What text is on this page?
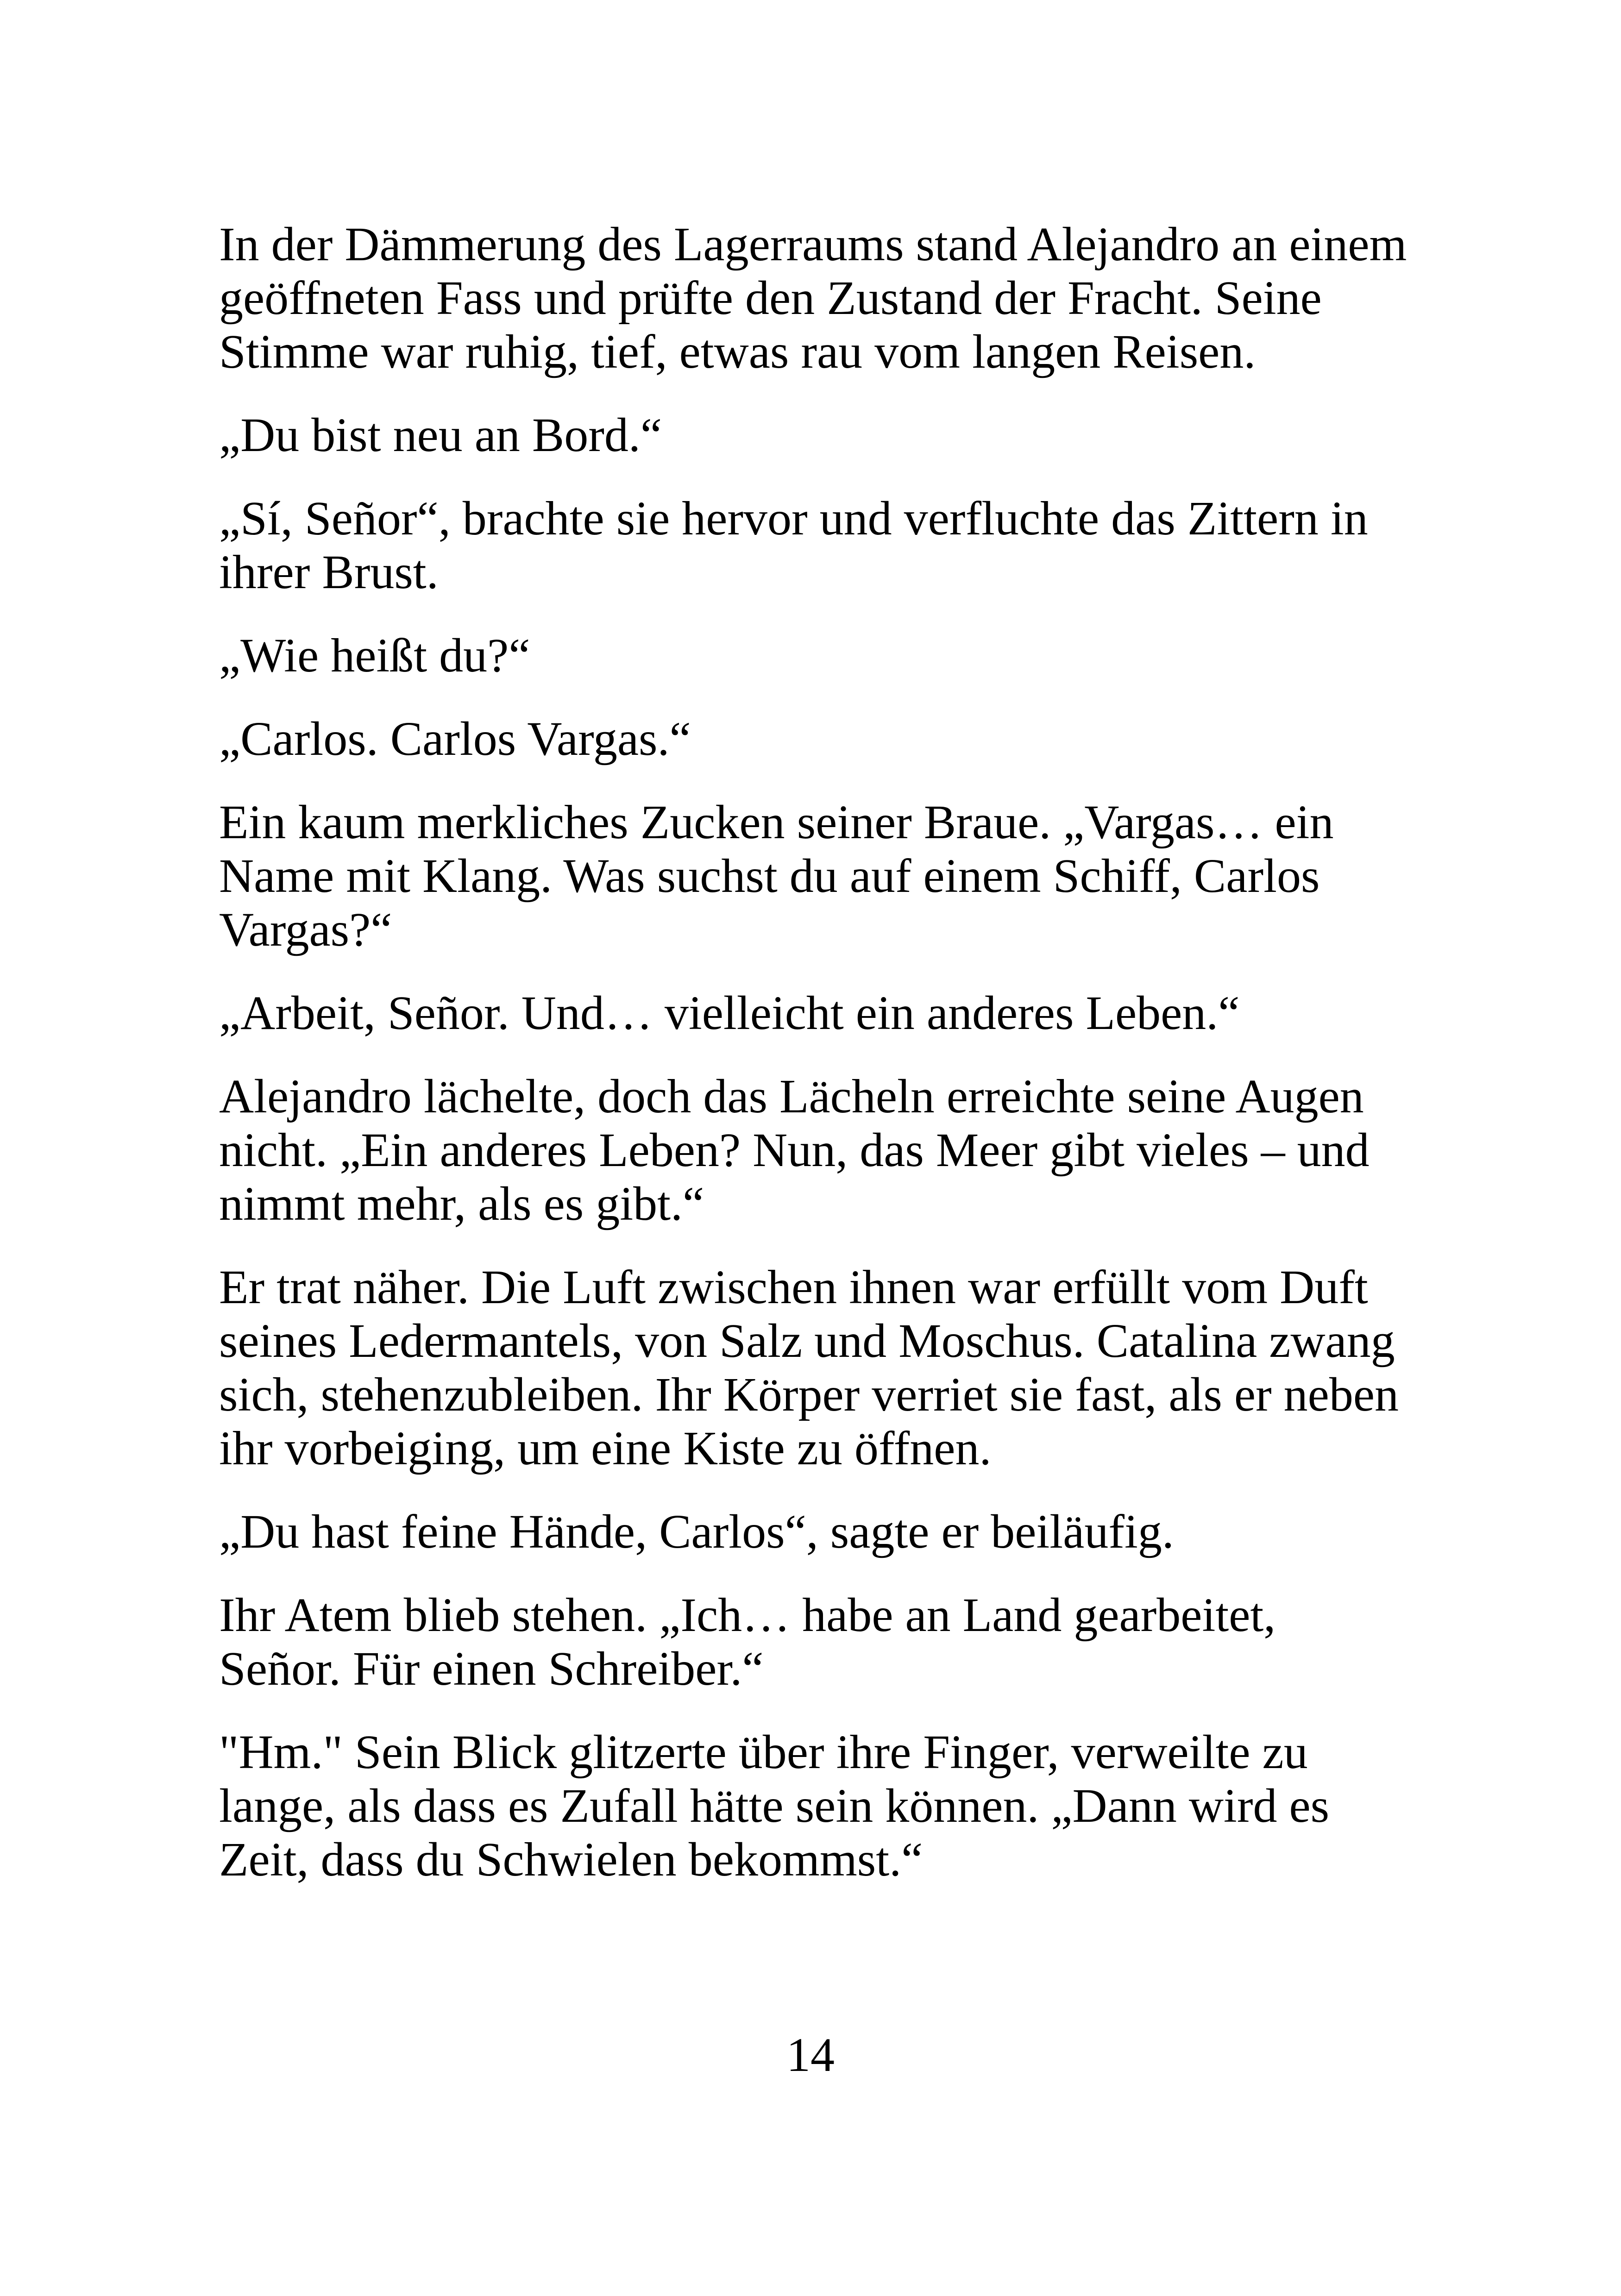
In der Dämmerung des Lagerraums stand Alejandro an einem geöffneten Fass und prüfte den Zustand der Fracht. Seine Stimme war ruhig, tief, etwas rau vom langen Reisen.

„Du bist neu an Bord.“

„Sí, Señor“, brachte sie hervor und verfluchte das Zittern in ihrer Brust.

„Wie heißt du?“

„Carlos. Carlos Vargas.“

Ein kaum merkliches Zucken seiner Braue. „Vargas… ein Name mit Klang. Was suchst du auf einem Schiff, Carlos Vargas?“

„Arbeit, Señor. Und… vielleicht ein anderes Leben.“

Alejandro lächelte, doch das Lächeln erreichte seine Augen nicht. „Ein anderes Leben? Nun, das Meer gibt vieles – und nimmt mehr, als es gibt.“

Er trat näher. Die Luft zwischen ihnen war erfüllt vom Duft seines Ledermantels, von Salz und Moschus. Catalina zwang sich, stehenzubleiben. Ihr Körper verriet sie fast, als er neben ihr vorbeiging, um eine Kiste zu öffnen.

„Du hast feine Hände, Carlos“, sagte er beiläufig.

Ihr Atem blieb stehen. „Ich… habe an Land gearbeitet, Señor. Für einen Schreiber.“

"Hm." Sein Blick glitzerte über ihre Finger, verweilte zu lange, als dass es Zufall hätte sein können. „Dann wird es Zeit, dass du Schwielen bekommst.“

14
